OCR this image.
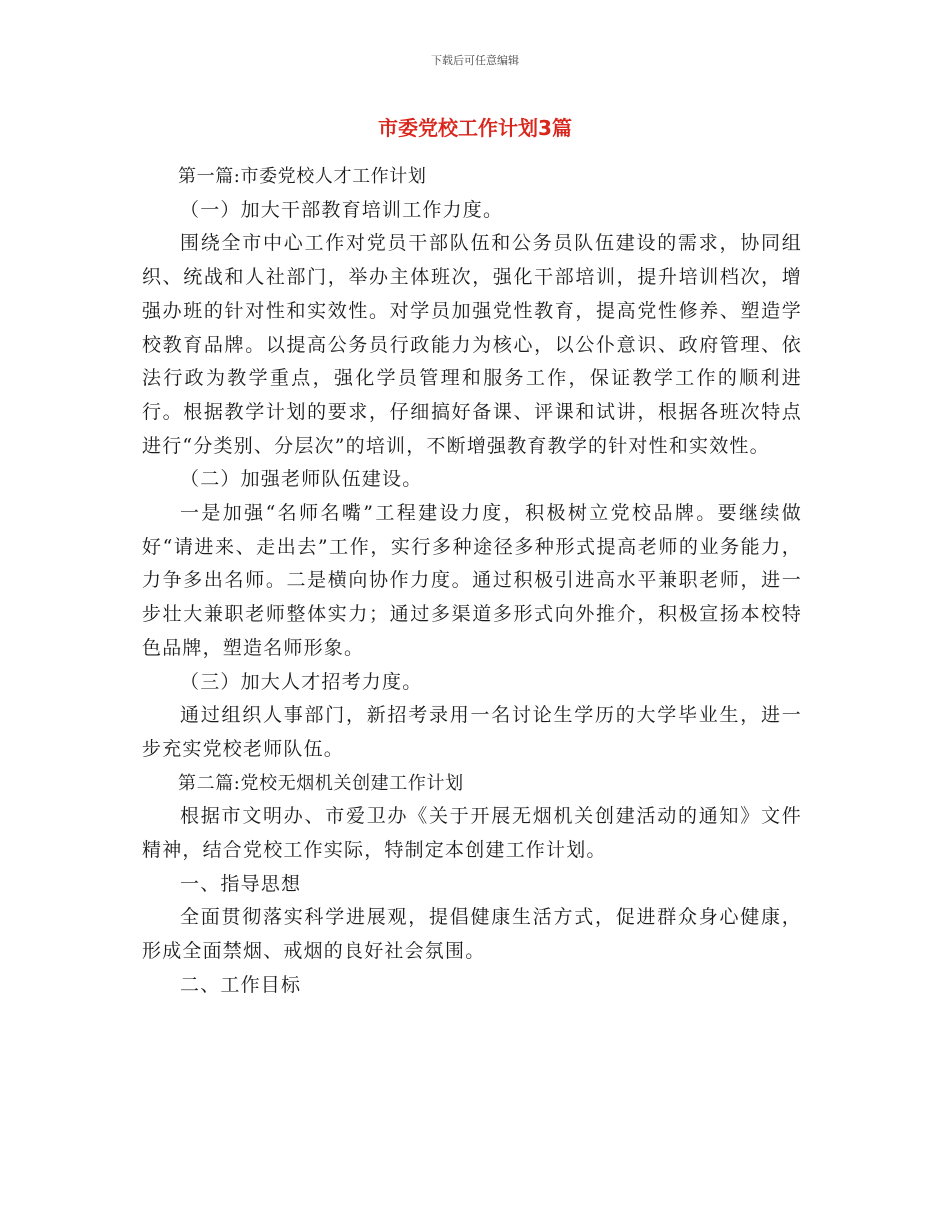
下载后可任意编辑
市委党校工作计划3篇

第一篇:市委党校人才工作计划

（一）加大干部教育培训工作力度。

围绕全市中心工作对党员干部队伍和公务员队伍建设的需求，协同组织、统战和人社部门，举办主体班次，强化干部培训，提升培训档次，增强办班的针对性和实效性。对学员加强党性教育，提高党性修养、塑造学校教育品牌。以提高公务员行政能力为核心，以公仆意识、政府管理、依法行政为教学重点，强化学员管理和服务工作，保证教学工作的顺利进行。根据教学计划的要求，仔细搞好备课、评课和试讲，根据各班次特点进行“分类别、分层次”的培训，不断增强教育教学的针对性和实效性。

（二）加强老师队伍建设。

一是加强“名师名嘴”工程建设力度，积极树立党校品牌。要继续做好“请进来、走出去”工作，实行多种途径多种形式提高老师的业务能力，力争多出名师。二是横向协作力度。通过积极引进高水平兼职老师，进一步壮大兼职老师整体实力；通过多渠道多形式向外推介，积极宣扬本校特色品牌，塑造名师形象。

（三）加大人才招考力度。

通过组织人事部门，新招考录用一名讨论生学历的大学毕业生，进一步充实党校老师队伍。

第二篇:党校无烟机关创建工作计划

根据市文明办、市爱卫办《关于开展无烟机关创建活动的通知》文件精神，结合党校工作实际，特制定本创建工作计划。

一、指导思想

全面贯彻落实科学进展观，提倡健康生活方式，促进群众身心健康，形成全面禁烟、戒烟的良好社会氛围。

二、工作目标
